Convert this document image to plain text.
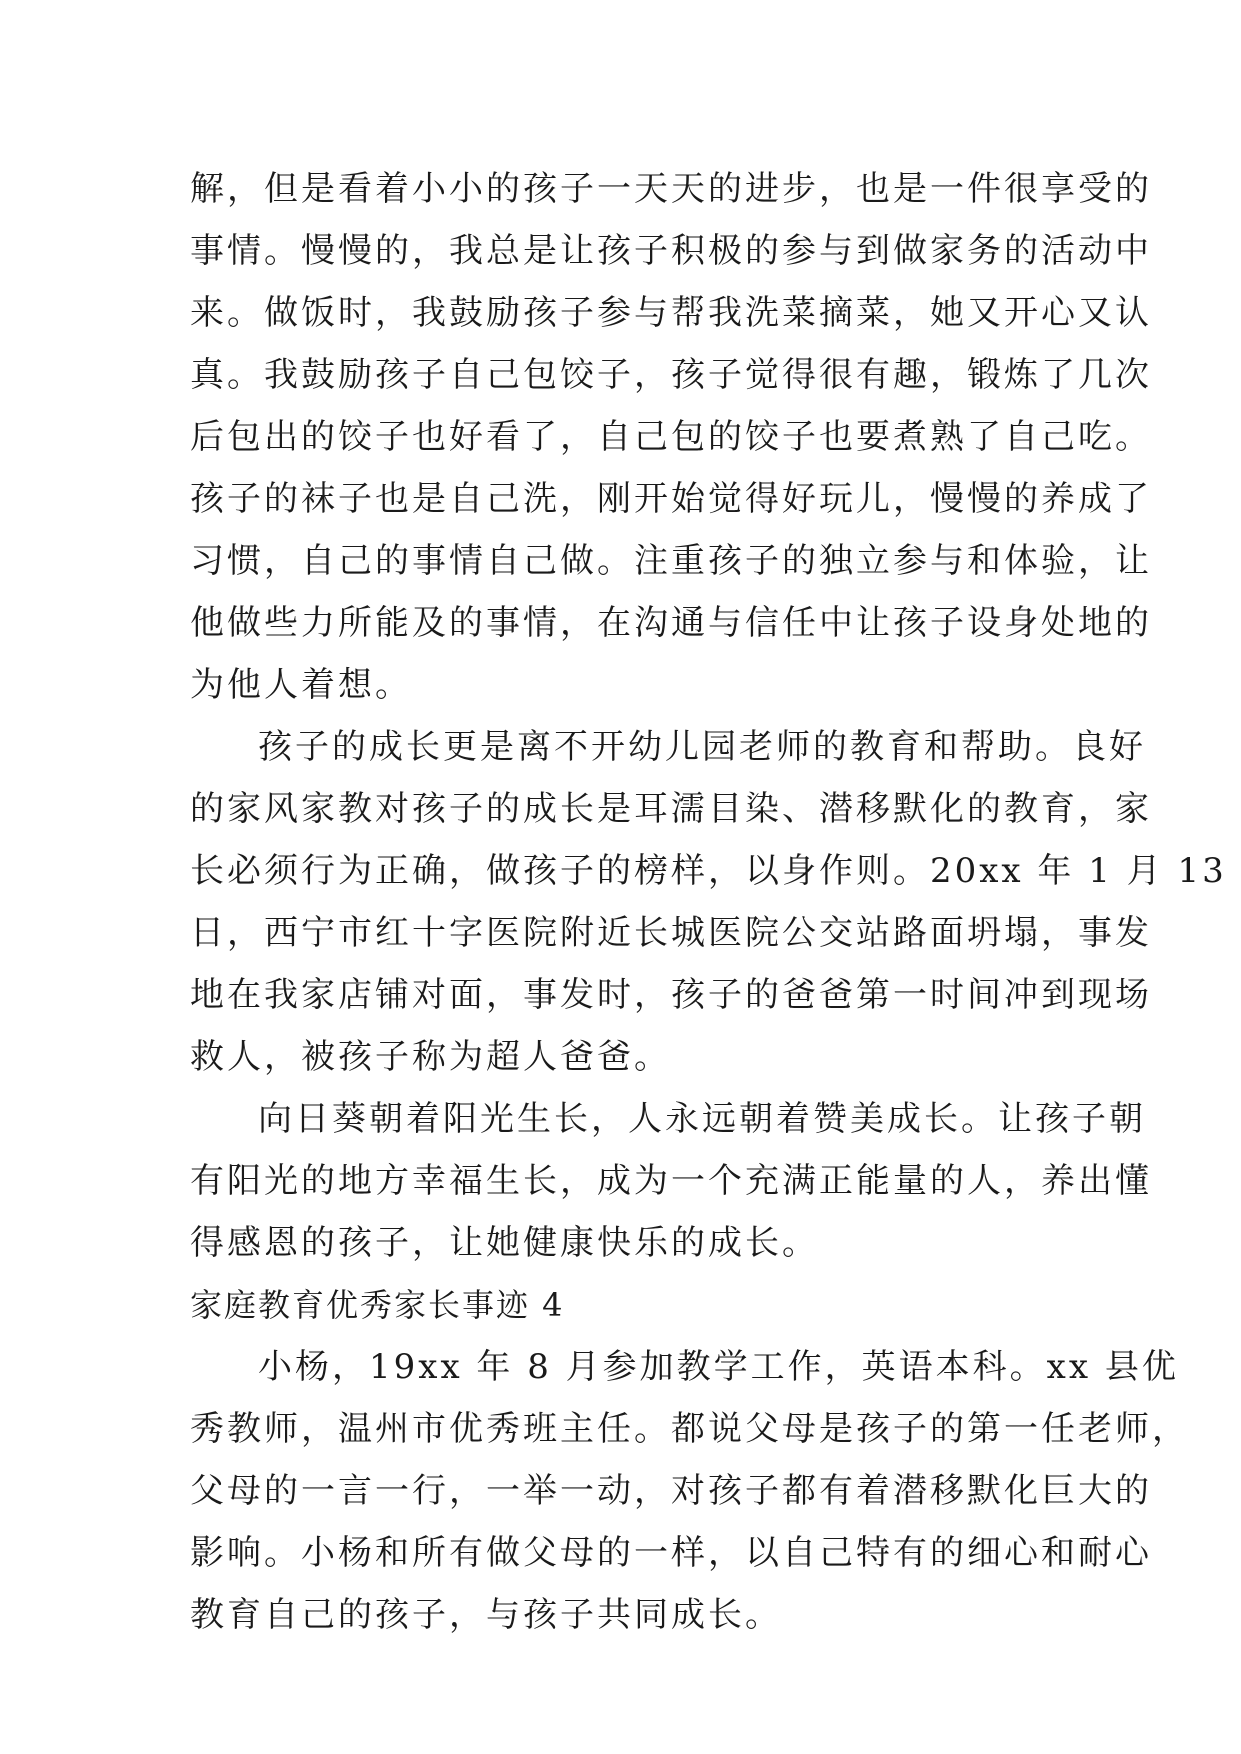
解，但是看着小小的孩子一天天的进步，也是一件很享受的
事情。慢慢的，我总是让孩子积极的参与到做家务的活动中
来。做饭时，我鼓励孩子参与帮我洗菜摘菜，她又开心又认
真。我鼓励孩子自己包饺子，孩子觉得很有趣，锻炼了几次
后包出的饺子也好看了，自己包的饺子也要煮熟了自己吃。
孩子的袜子也是自己洗，刚开始觉得好玩儿，慢慢的养成了
习惯，自己的事情自己做。注重孩子的独立参与和体验，让
他做些力所能及的事情，在沟通与信任中让孩子设身处地的
为他人着想。
孩子的成长更是离不开幼儿园老师的教育和帮助。良好
的家风家教对孩子的成长是耳濡目染、潜移默化的教育，家
长必须行为正确，做孩子的榜样，以身作则。20xx 年 1 月 13
日，西宁市红十字医院附近长城医院公交站路面坍塌，事发
地在我家店铺对面，事发时，孩子的爸爸第一时间冲到现场
救人，被孩子称为超人爸爸。
向日葵朝着阳光生长，人永远朝着赞美成长。让孩子朝
有阳光的地方幸福生长，成为一个充满正能量的人，养出懂
得感恩的孩子，让她健康快乐的成长。
家庭教育优秀家长事迹 4
小杨，19xx 年 8 月参加教学工作，英语本科。xx 县优
秀教师，温州市优秀班主任。都说父母是孩子的第一任老师，
父母的一言一行，一举一动，对孩子都有着潜移默化巨大的
影响。小杨和所有做父母的一样，以自己特有的细心和耐心
教育自己的孩子，与孩子共同成长。
